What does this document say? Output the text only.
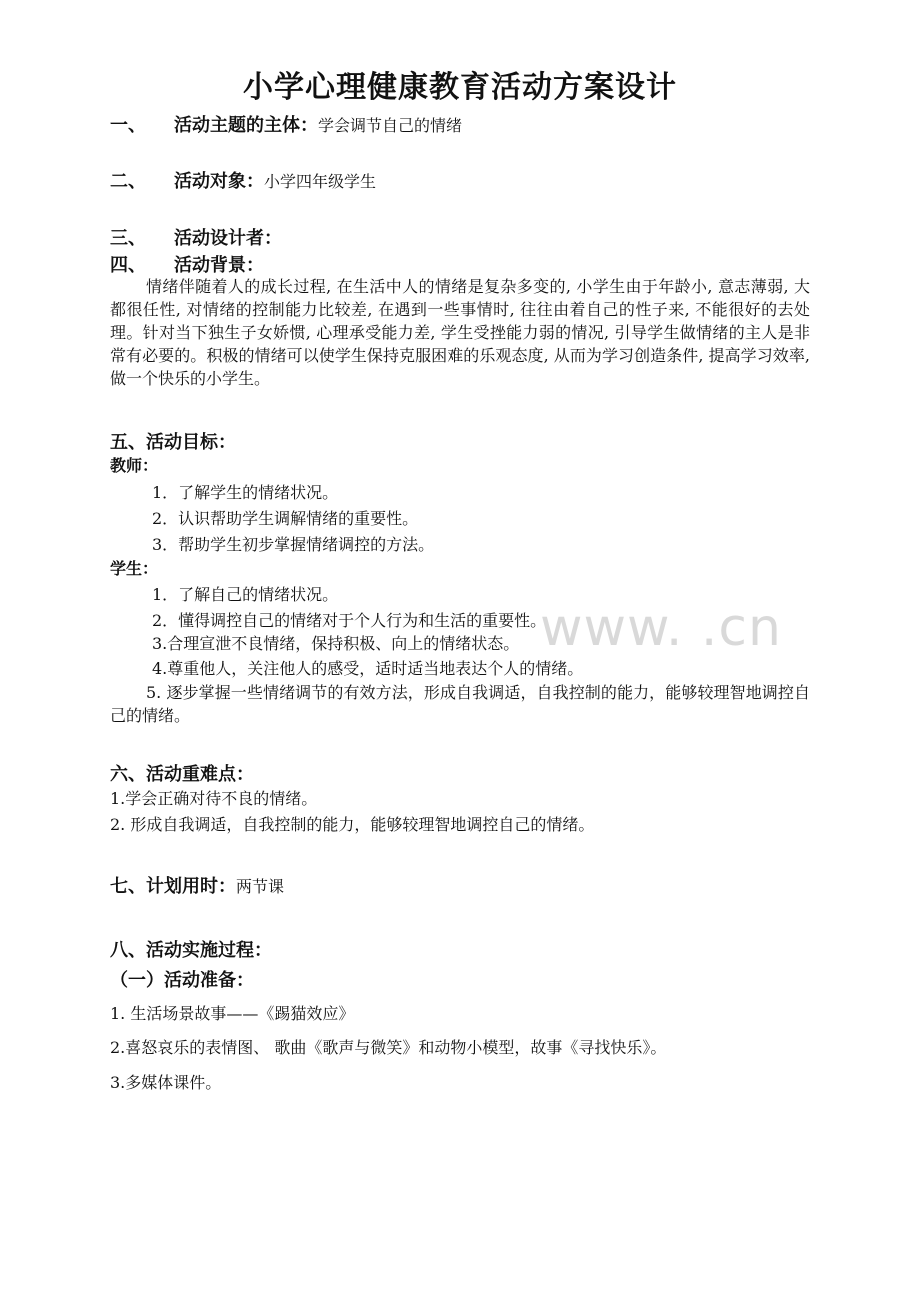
小学心理健康教育活动方案设计
一、 活动主题的主体：学会调节自己的情绪
二、 活动对象：小学四年级学生
三、 活动设计者：
四、 活动背景：

情绪伴随着人的成长过程, 在生活中人的情绪是复杂多变的, 小学生由于年龄小, 意志薄弱, 大都很任性, 对情绪的控制能力比较差, 在遇到一些事情时, 往往由着自己的性子来, 不能很好的去处理。针对当下独生子女娇惯, 心理承受能力差, 学生受挫能力弱的情况, 引导学生做情绪的主人是非常有必要的。积极的情绪可以使学生保持克服困难的乐观态度, 从而为学习创造条件, 提高学习效率, 做一个快乐的小学生。

五、活动目标：
教师：
1．了解学生的情绪状况。
2．认识帮助学生调解情绪的重要性。
3．帮助学生初步掌握情绪调控的方法。
学生：
1．了解自己的情绪状况。
2．懂得调控自己的情绪对于个人行为和生活的重要性。
3.合理宣泄不良情绪，保持积极、向上的情绪状态。
4.尊重他人，关注他人的感受，适时适当地表达个人的情绪。

5. 逐步掌握一些情绪调节的有效方法，形成自我调适，自我控制的能力，能够较理智地调控自己的情绪。

六、活动重难点：
1.学会正确对待不良的情绪。
2. 形成自我调适，自我控制的能力，能够较理智地调控自己的情绪。
七、计划用时：两节课
八、活动实施过程：
（一）活动准备：
1. 生活场景故事——《踢猫效应》
2.喜怒哀乐的表情图、 歌曲《歌声与微笑》和动物小模型，故事《寻找快乐》。
3.多媒体课件。
www. .cn
